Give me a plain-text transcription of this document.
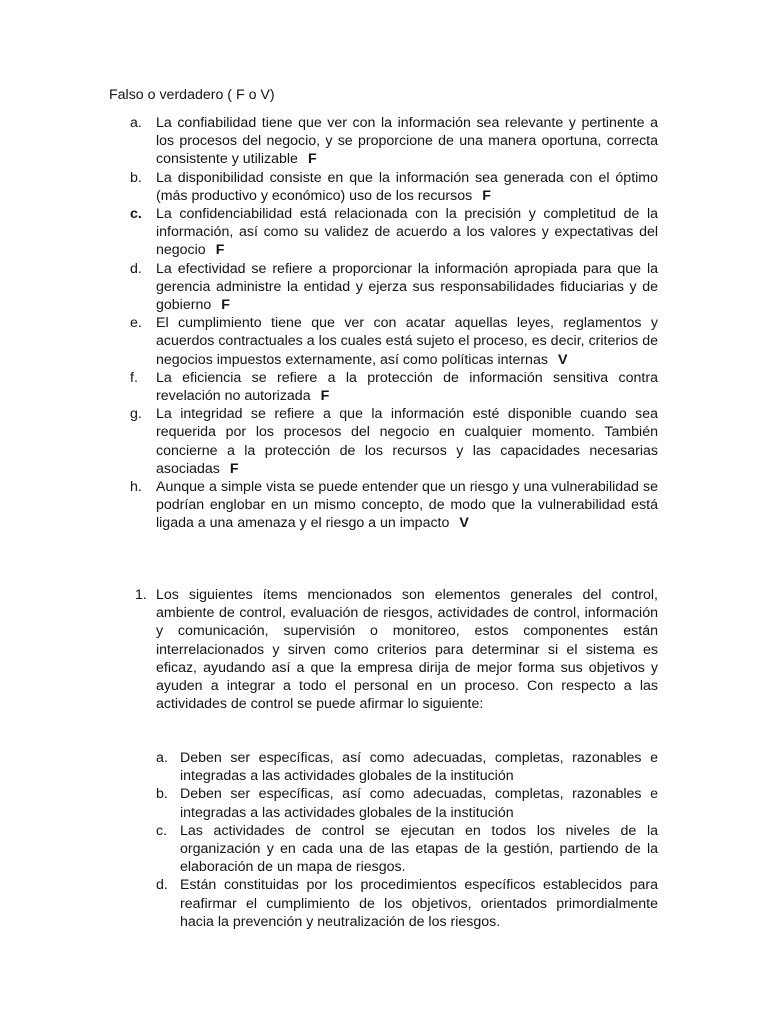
Falso o verdadero ( F o V)
a. La confiabilidad tiene que ver con la información sea relevante y pertinente a los procesos del negocio, y se proporcione de una manera oportuna, correcta consistente y utilizable F
b. La disponibilidad consiste en que la información sea generada con el óptimo (más productivo y económico) uso de los recursos F
c. La confidenciabilidad está relacionada con la precisión y completitud de la información, así como su validez de acuerdo a los valores y expectativas del negocio F
d. La efectividad se refiere a proporcionar la información apropiada para que la gerencia administre la entidad y ejerza sus responsabilidades fiduciarias y de gobierno F
e. El cumplimiento tiene que ver con acatar aquellas leyes, reglamentos y acuerdos contractuales a los cuales está sujeto el proceso, es decir, criterios de negocios impuestos externamente, así como políticas internas V
f. La eficiencia se refiere a la protección de información sensitiva contra revelación no autorizada F
g. La integridad se refiere a que la información esté disponible cuando sea requerida por los procesos del negocio en cualquier momento. También concierne a la protección de los recursos y las capacidades necesarias asociadas F
h. Aunque a simple vista se puede entender que un riesgo y una vulnerabilidad se podrían englobar en un mismo concepto, de modo que la vulnerabilidad está ligada a una amenaza y el riesgo a un impacto V
1. Los siguientes ítems mencionados son elementos generales del control, ambiente de control, evaluación de riesgos, actividades de control, información y comunicación, supervisión o monitoreo, estos componentes están interrelacionados y sirven como criterios para determinar si el sistema es eficaz, ayudando así a que la empresa dirija de mejor forma sus objetivos y ayuden a integrar a todo el personal en un proceso. Con respecto a las actividades de control se puede afirmar lo siguiente:
a. Deben ser específicas, así como adecuadas, completas, razonables e integradas a las actividades globales de la institución
b. Deben ser específicas, así como adecuadas, completas, razonables e integradas a las actividades globales de la institución
c. Las actividades de control se ejecutan en todos los niveles de la organización y en cada una de las etapas de la gestión, partiendo de la elaboración de un mapa de riesgos.
d. Están constituidas por los procedimientos específicos establecidos para reafirmar el cumplimiento de los objetivos, orientados primordialmente hacia la prevención y neutralización de los riesgos.
